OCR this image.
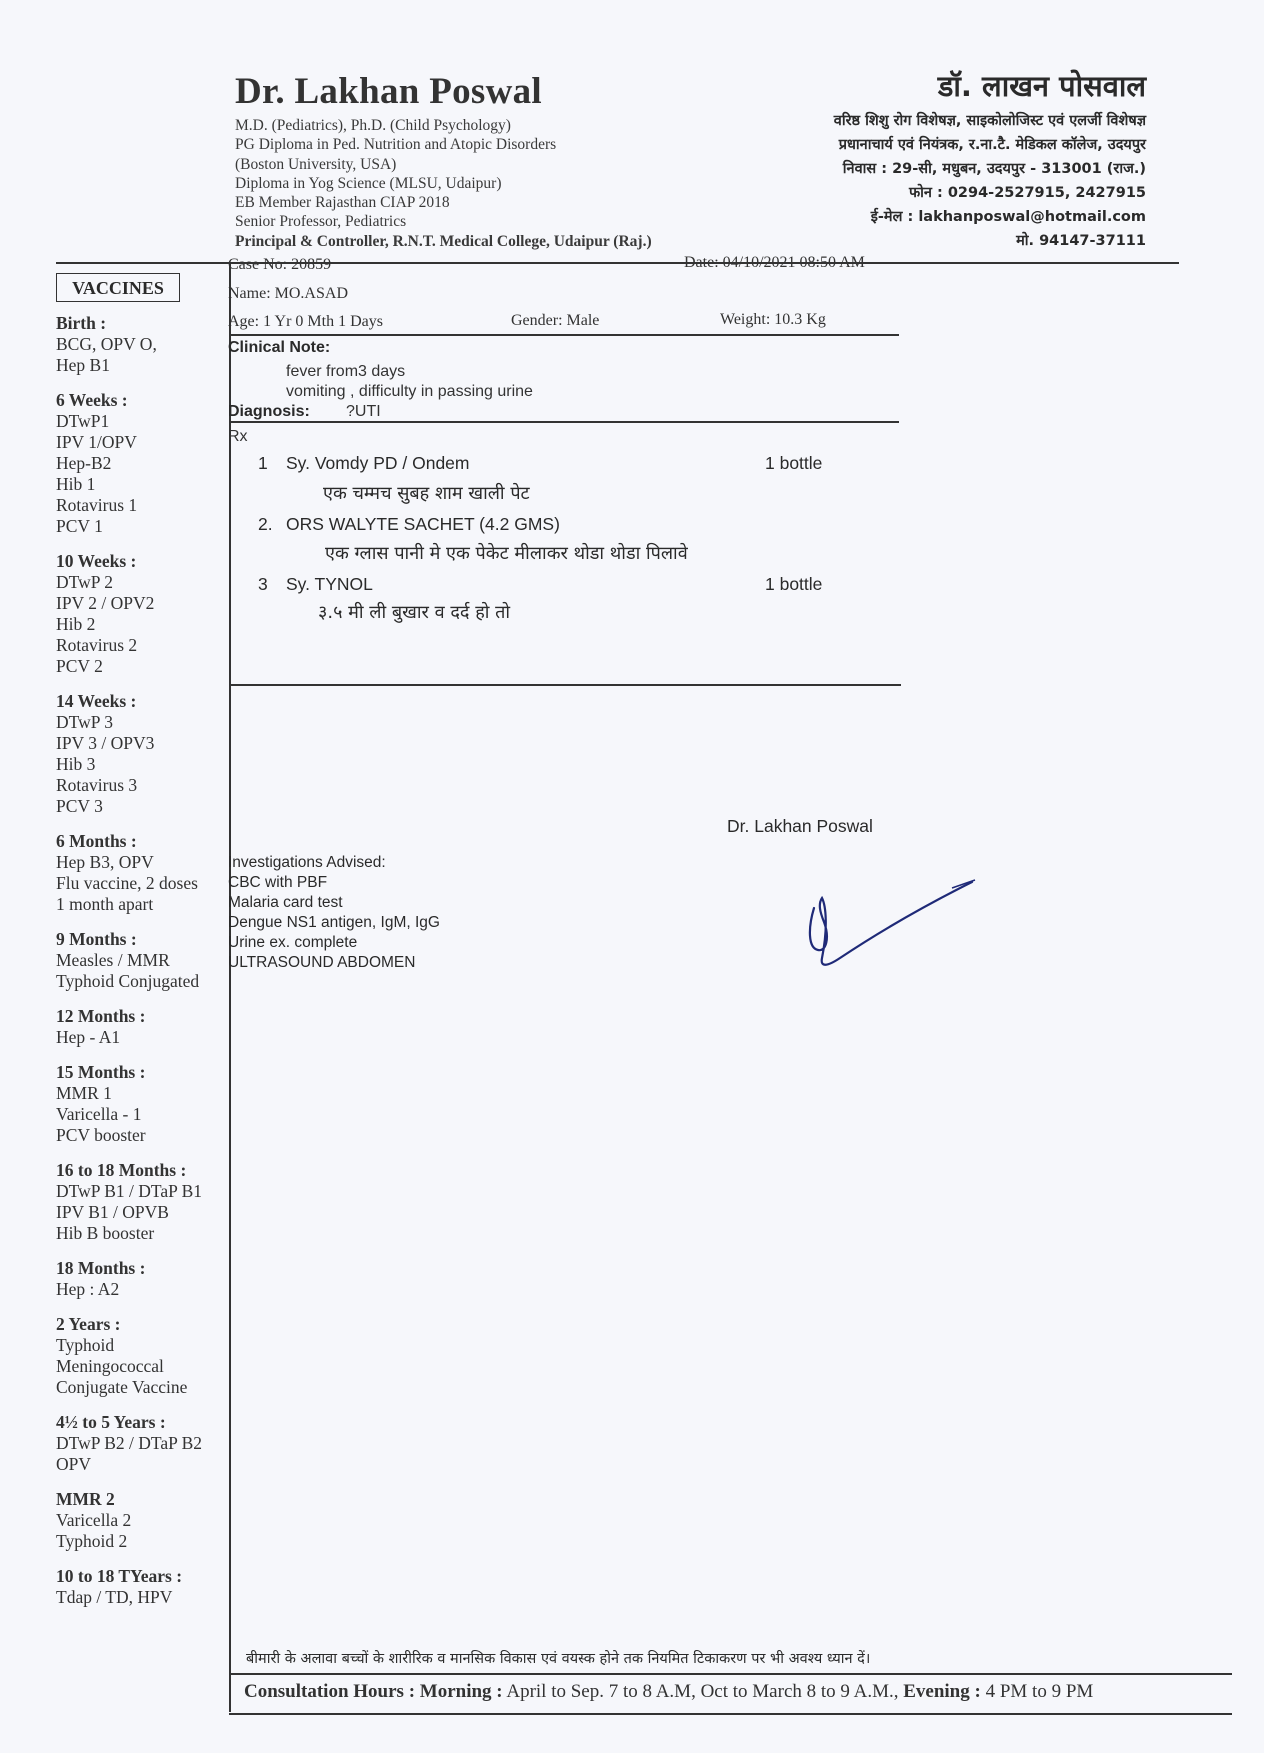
Dr. Lakhan Poswal
M.D. (Pediatrics), Ph.D. (Child Psychology)
PG Diploma in Ped. Nutrition and Atopic Disorders
(Boston University, USA)
Diploma in Yog Science (MLSU, Udaipur)
EB Member Rajasthan CIAP 2018
Senior Professor, Pediatrics
Principal & Controller, R.N.T. Medical College, Udaipur (Raj.)
डॉ. लाखन पोसवाल
वरिष्ठ शिशु रोग विशेषज्ञ, साइकोलोजिस्ट एवं एलर्जी विशेषज्ञ
प्रधानाचार्य एवं नियंत्रक, र.ना.टै. मेडिकल कॉलेज, उदयपुर
निवास : 29-सी, मधुबन, उदयपुर - 313001 (राज.)
फोन : 0294-2527915, 2427915
ई-मेल : lakhanposwal@hotmail.com
मो. 94147-37111
VACCINES
Birth :
BCG, OPV O,
Hep B1
6 Weeks :
DTwP1
IPV 1/OPV
Hep-B2
Hib 1
Rotavirus 1
PCV 1
10 Weeks :
DTwP 2
IPV 2 / OPV2
Hib 2
Rotavirus 2
PCV 2
14 Weeks :
DTwP 3
IPV 3 / OPV3
Hib 3
Rotavirus 3
PCV 3
6 Months :
Hep B3, OPV
Flu vaccine, 2 doses
1 month apart
9 Months :
Measles / MMR
Typhoid Conjugated
12 Months :
Hep - A1
15 Months :
MMR 1
Varicella - 1
PCV booster
16 to 18 Months :
DTwP B1 / DTaP B1
IPV B1 / OPVB
Hib B booster
18 Months :
Hep : A2
2 Years :
Typhoid
Meningococcal
Conjugate Vaccine
4½ to 5 Years :
DTwP B2 / DTaP B2
OPV
MMR 2
Varicella 2
Typhoid 2
10 to 18 TYears :
Tdap / TD, HPV
Case No: 20859	Date: 04/10/2021 08:50 AM
Name: MO.ASAD
Age: 1 Yr 0 Mth 1 Days	Gender: Male	Weight: 10.3 Kg
Clinical Note:
fever from3 days
vomiting , difficulty in passing urine
Diagnosis: ?UTI
Rx
1 Sy. Vomdy PD / Ondem	1 bottle
एक चम्मच सुबह शाम खाली पेट
2. ORS WALYTE SACHET (4.2 GMS)
एक ग्लास पानी मे एक पेकेट मीलाकर थोडा थोडा पिलावे
3 Sy. TYNOL	1 bottle
३.५ मी ली बुखार व दर्द हो तो
Dr. Lakhan Poswal
Investigations Advised:
CBC with PBF
Malaria card test
Dengue NS1 antigen, IgM, IgG
Urine ex. complete
ULTRASOUND ABDOMEN
बीमारी के अलावा बच्चों के शारीरिक व मानसिक विकास एवं वयस्क होने तक नियमित टिकाकरण पर भी अवश्य ध्यान दें।
Consultation Hours : Morning : April to Sep. 7 to 8 A.M, Oct to March 8 to 9 A.M., Evening : 4 PM to 9 PM
